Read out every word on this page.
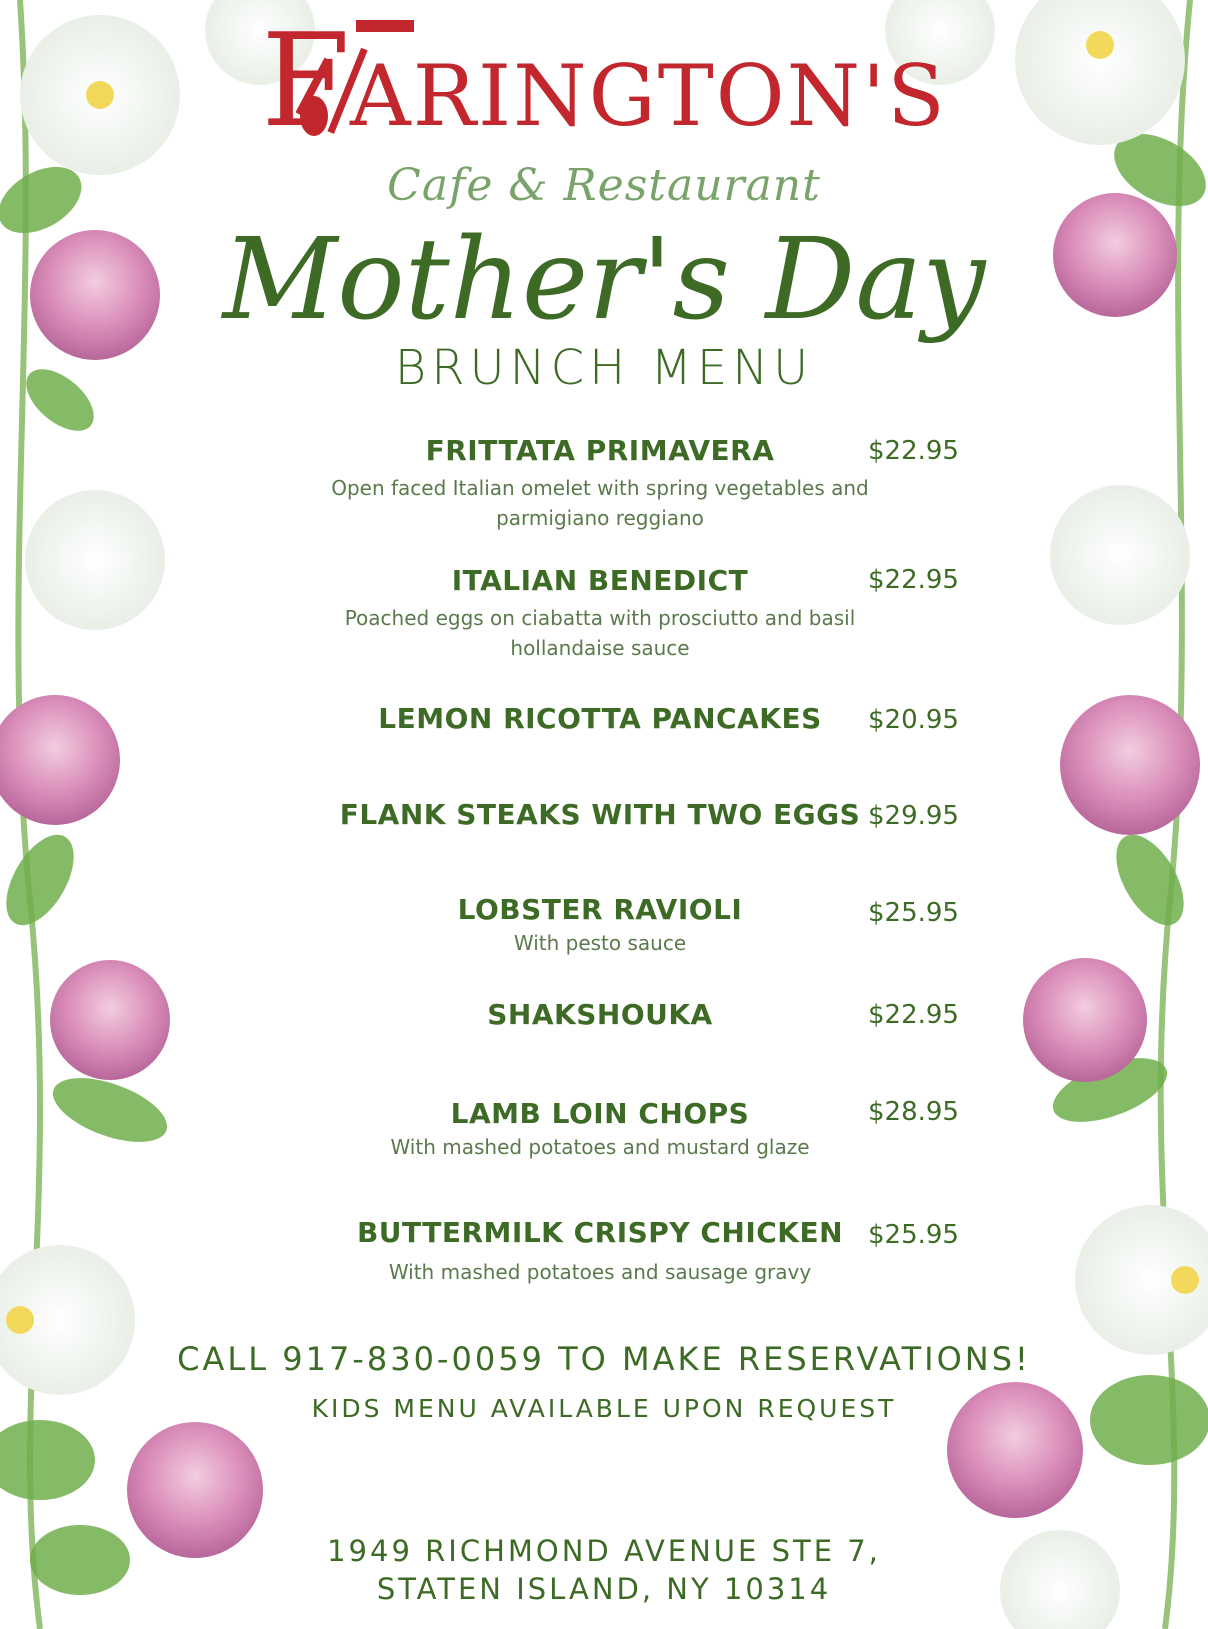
FARINGTON'S
Cafe & Restaurant
Mother's Day
BRUNCH MENU
FRITTATA PRIMAVERA
Open faced Italian omelet with spring vegetables and parmigiano reggiano
$22.95
ITALIAN BENEDICT
Poached eggs on ciabatta with prosciutto and basil hollandaise sauce
$22.95
LEMON RICOTTA PANCAKES	$20.95
FLANK STEAKS WITH TWO EGGS $29.95
LOBSTER RAVIOLI
With pesto sauce
$25.95
SHAKSHOUKA	$22.95
LAMB LOIN CHOPS
With mashed potatoes and mustard glaze
$28.95
BUTTERMILK CRISPY CHICKEN
With mashed potatoes and sausage gravy
$25.95
CALL 917-830-0059 TO MAKE RESERVATIONS!
KIDS MENU AVAILABLE UPON REQUEST
1949 RICHMOND AVENUE STE 7,
STATEN ISLAND, NY 10314
